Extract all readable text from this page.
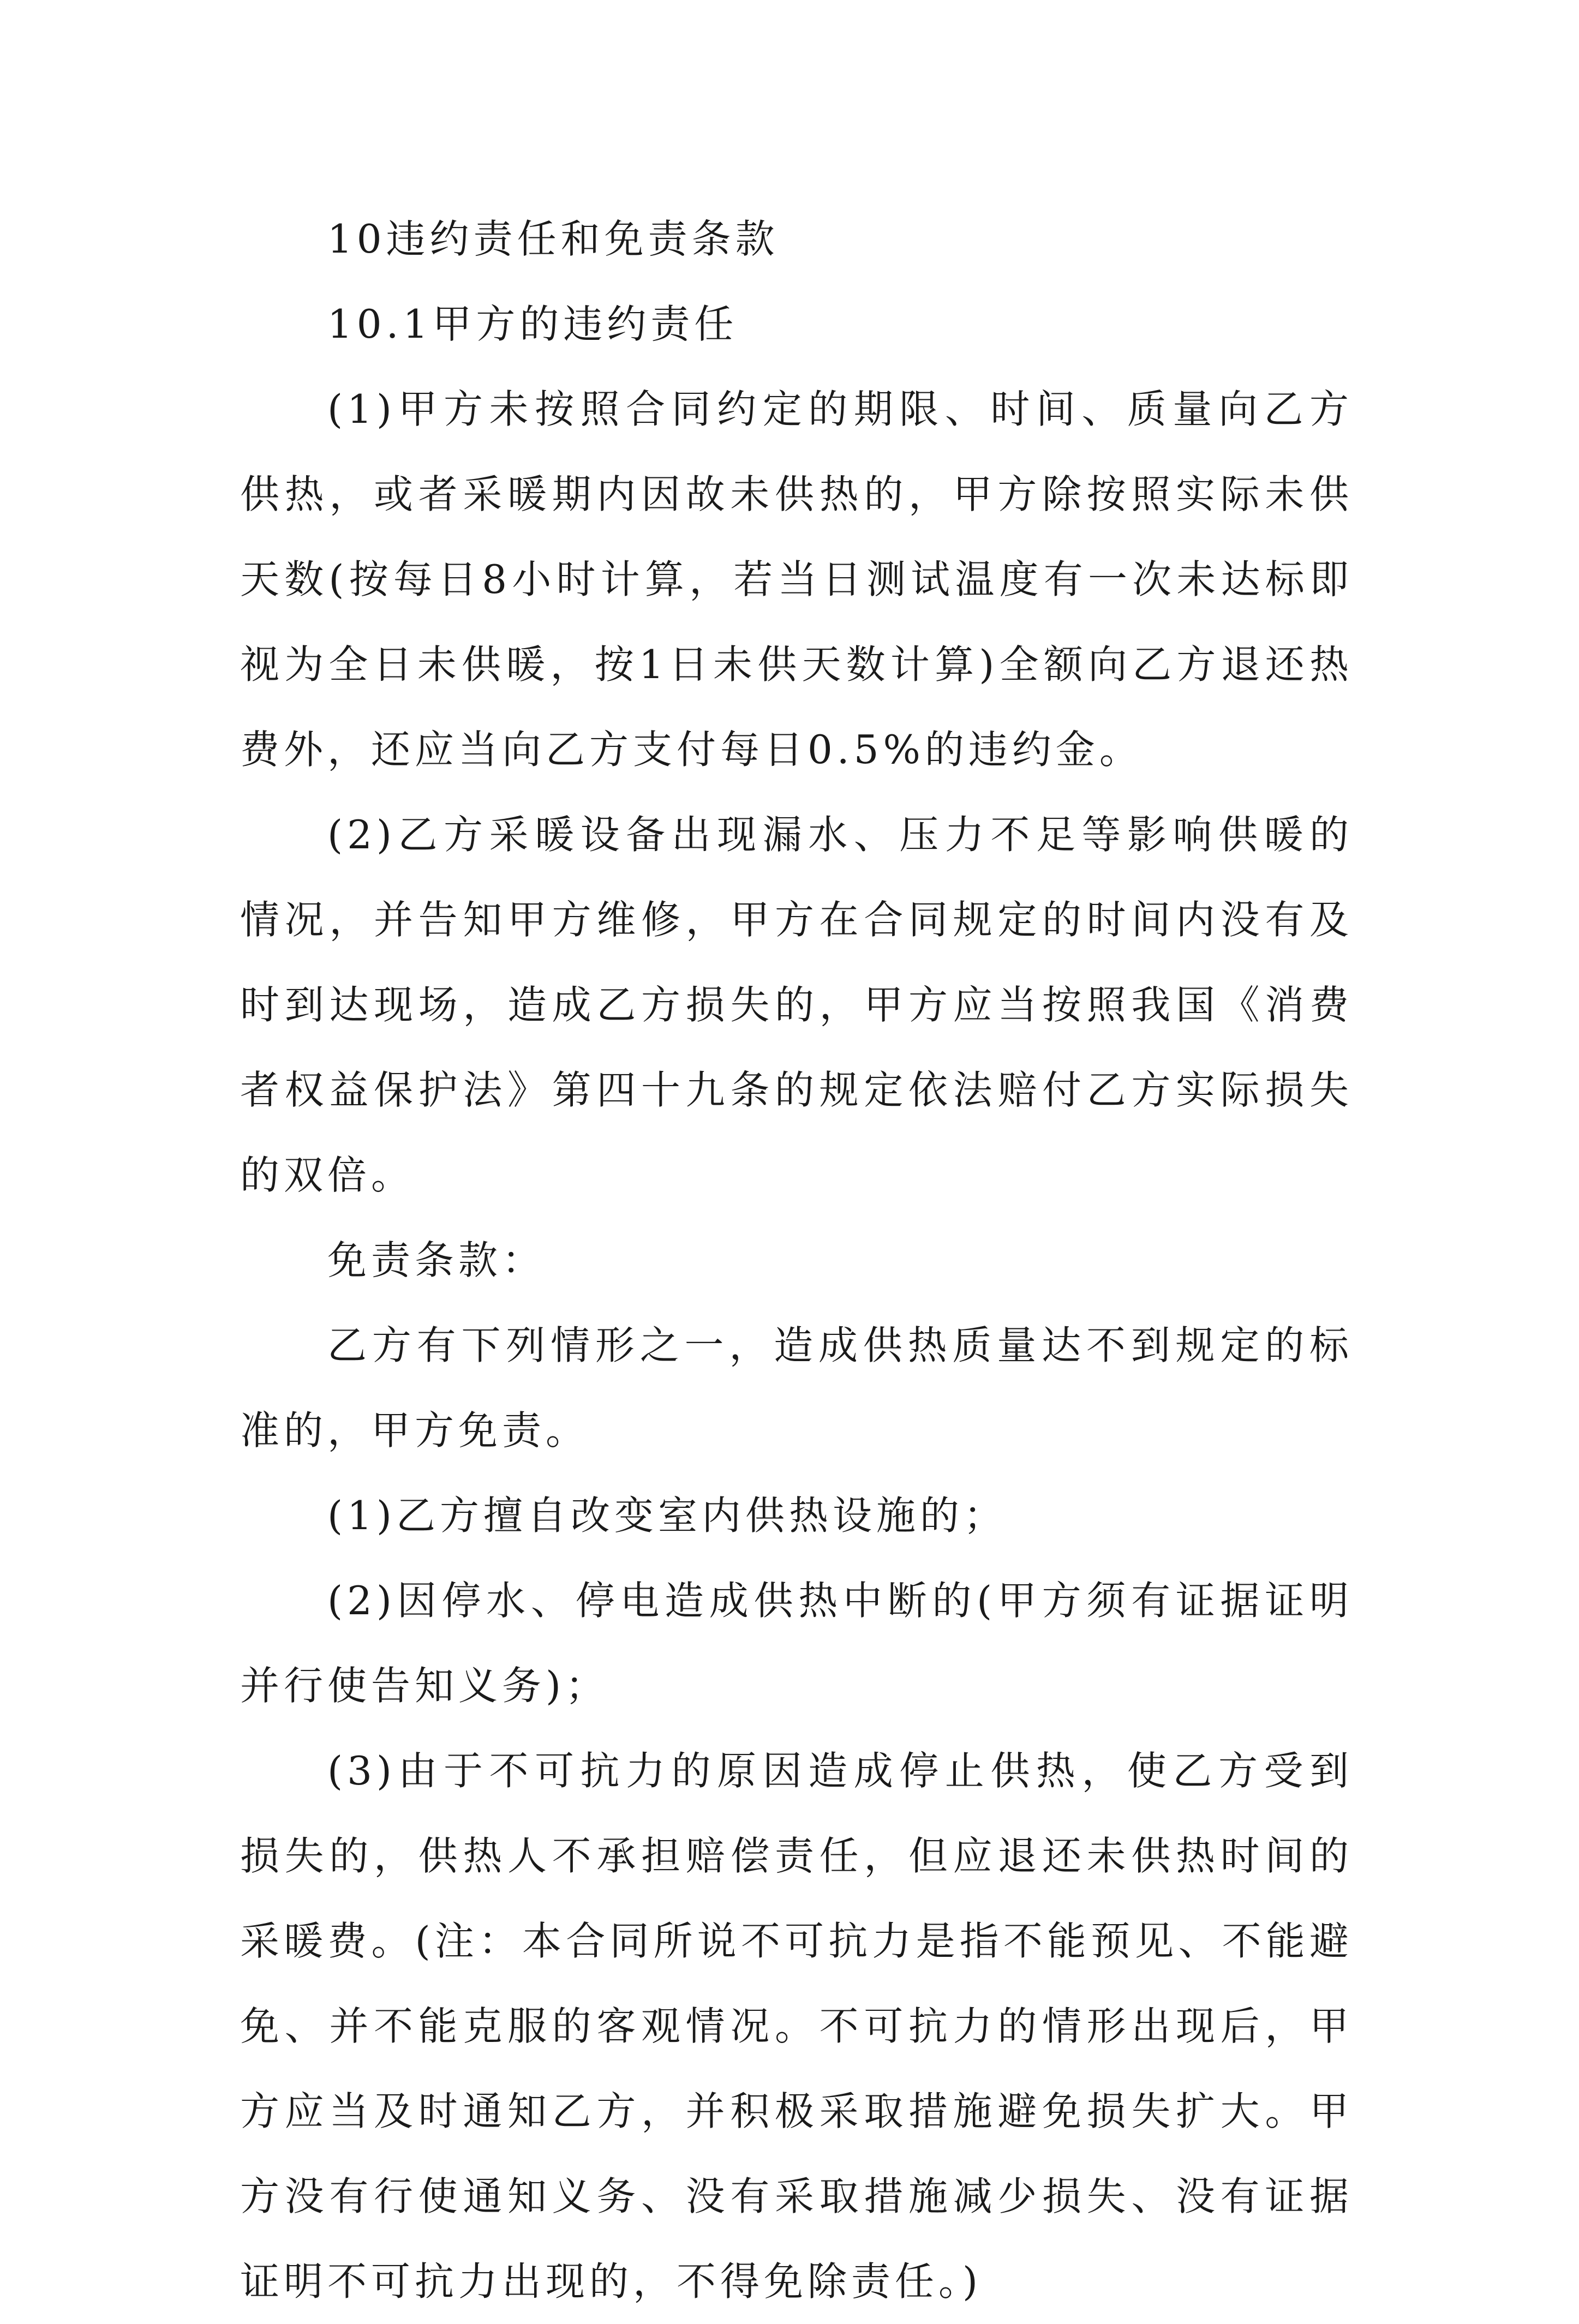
10违约责任和免责条款

10.1甲方的违约责任

(1)甲方未按照合同约定的期限、时间、质量向乙方供热，或者采暖期内因故未供热的，甲方除按照实际未供天数(按每日8小时计算，若当日测试温度有一次未达标即视为全日未供暖，按1日未供天数计算)全额向乙方退还热费外，还应当向乙方支付每日0.5%的违约金。

(2)乙方采暖设备出现漏水、压力不足等影响供暖的情况，并告知甲方维修，甲方在合同规定的时间内没有及时到达现场，造成乙方损失的，甲方应当按照我国《消费者权益保护法》第四十九条的规定依法赔付乙方实际损失的双倍。

免责条款：

乙方有下列情形之一，造成供热质量达不到规定的标准的，甲方免责。

(1)乙方擅自改变室内供热设施的；

(2)因停水、停电造成供热中断的(甲方须有证据证明并行使告知义务)；

(3)由于不可抗力的原因造成停止供热，使乙方受到损失的，供热人不承担赔偿责任，但应退还未供热时间的采暖费。(注：本合同所说不可抗力是指不能预见、不能避免、并不能克服的客观情况。不可抗力的情形出现后，甲方应当及时通知乙方，并积极采取措施避免损失扩大。甲方没有行使通知义务、没有采取措施减少损失、没有证据证明不可抗力出现的，不得免除责任。)
